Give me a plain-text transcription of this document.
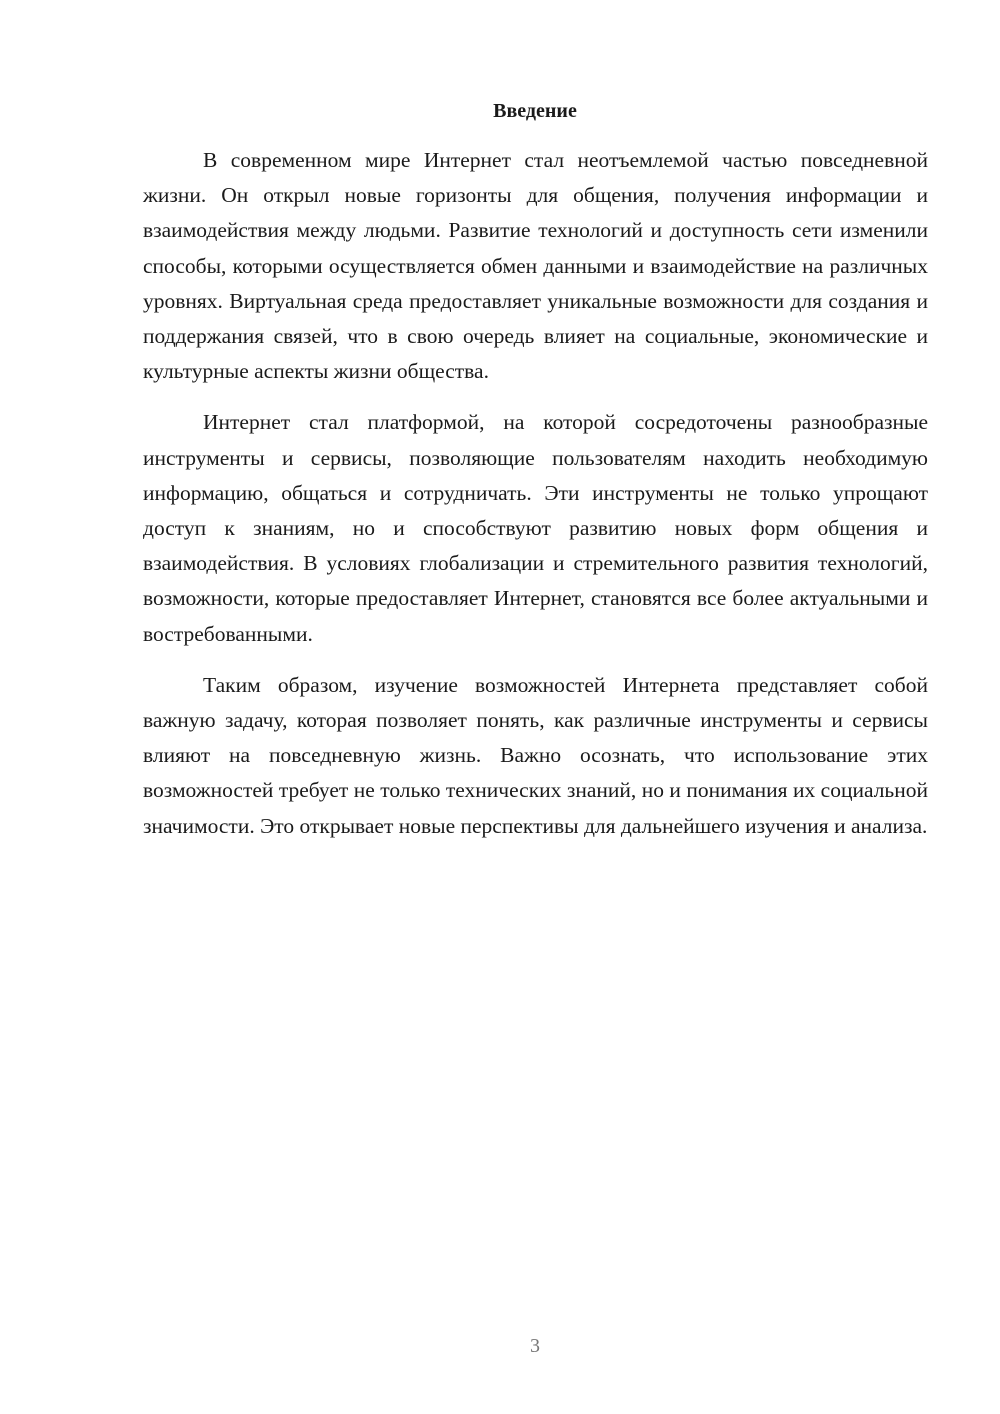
Введение

В современном мире Интернет стал неотъемлемой частью повседневной жизни. Он открыл новые горизонты для общения, получения информации и взаимодействия между людьми. Развитие технологий и доступность сети изменили способы, которыми осуществляется обмен данными и взаимодействие на различных уровнях. Виртуальная среда предоставляет уникальные возможности для создания и поддержания связей, что в свою очередь влияет на социальные, экономические и культурные аспекты жизни общества.

Интернет стал платформой, на которой сосредоточены разнообразные инструменты и сервисы, позволяющие пользователям находить необходимую информацию, общаться и сотрудничать. Эти инструменты не только упрощают доступ к знаниям, но и способствуют развитию новых форм общения и взаимодействия. В условиях глобализации и стремительного развития технологий, возможности, которые предоставляет Интернет, становятся все более актуальными и востребованными.

Таким образом, изучение возможностей Интернета представляет собой важную задачу, которая позволяет понять, как различные инструменты и сервисы влияют на повседневную жизнь. Важно осознать, что использование этих возможностей требует не только технических знаний, но и понимания их социальной значимости. Это открывает новые перспективы для дальнейшего изучения и анализа.

3
